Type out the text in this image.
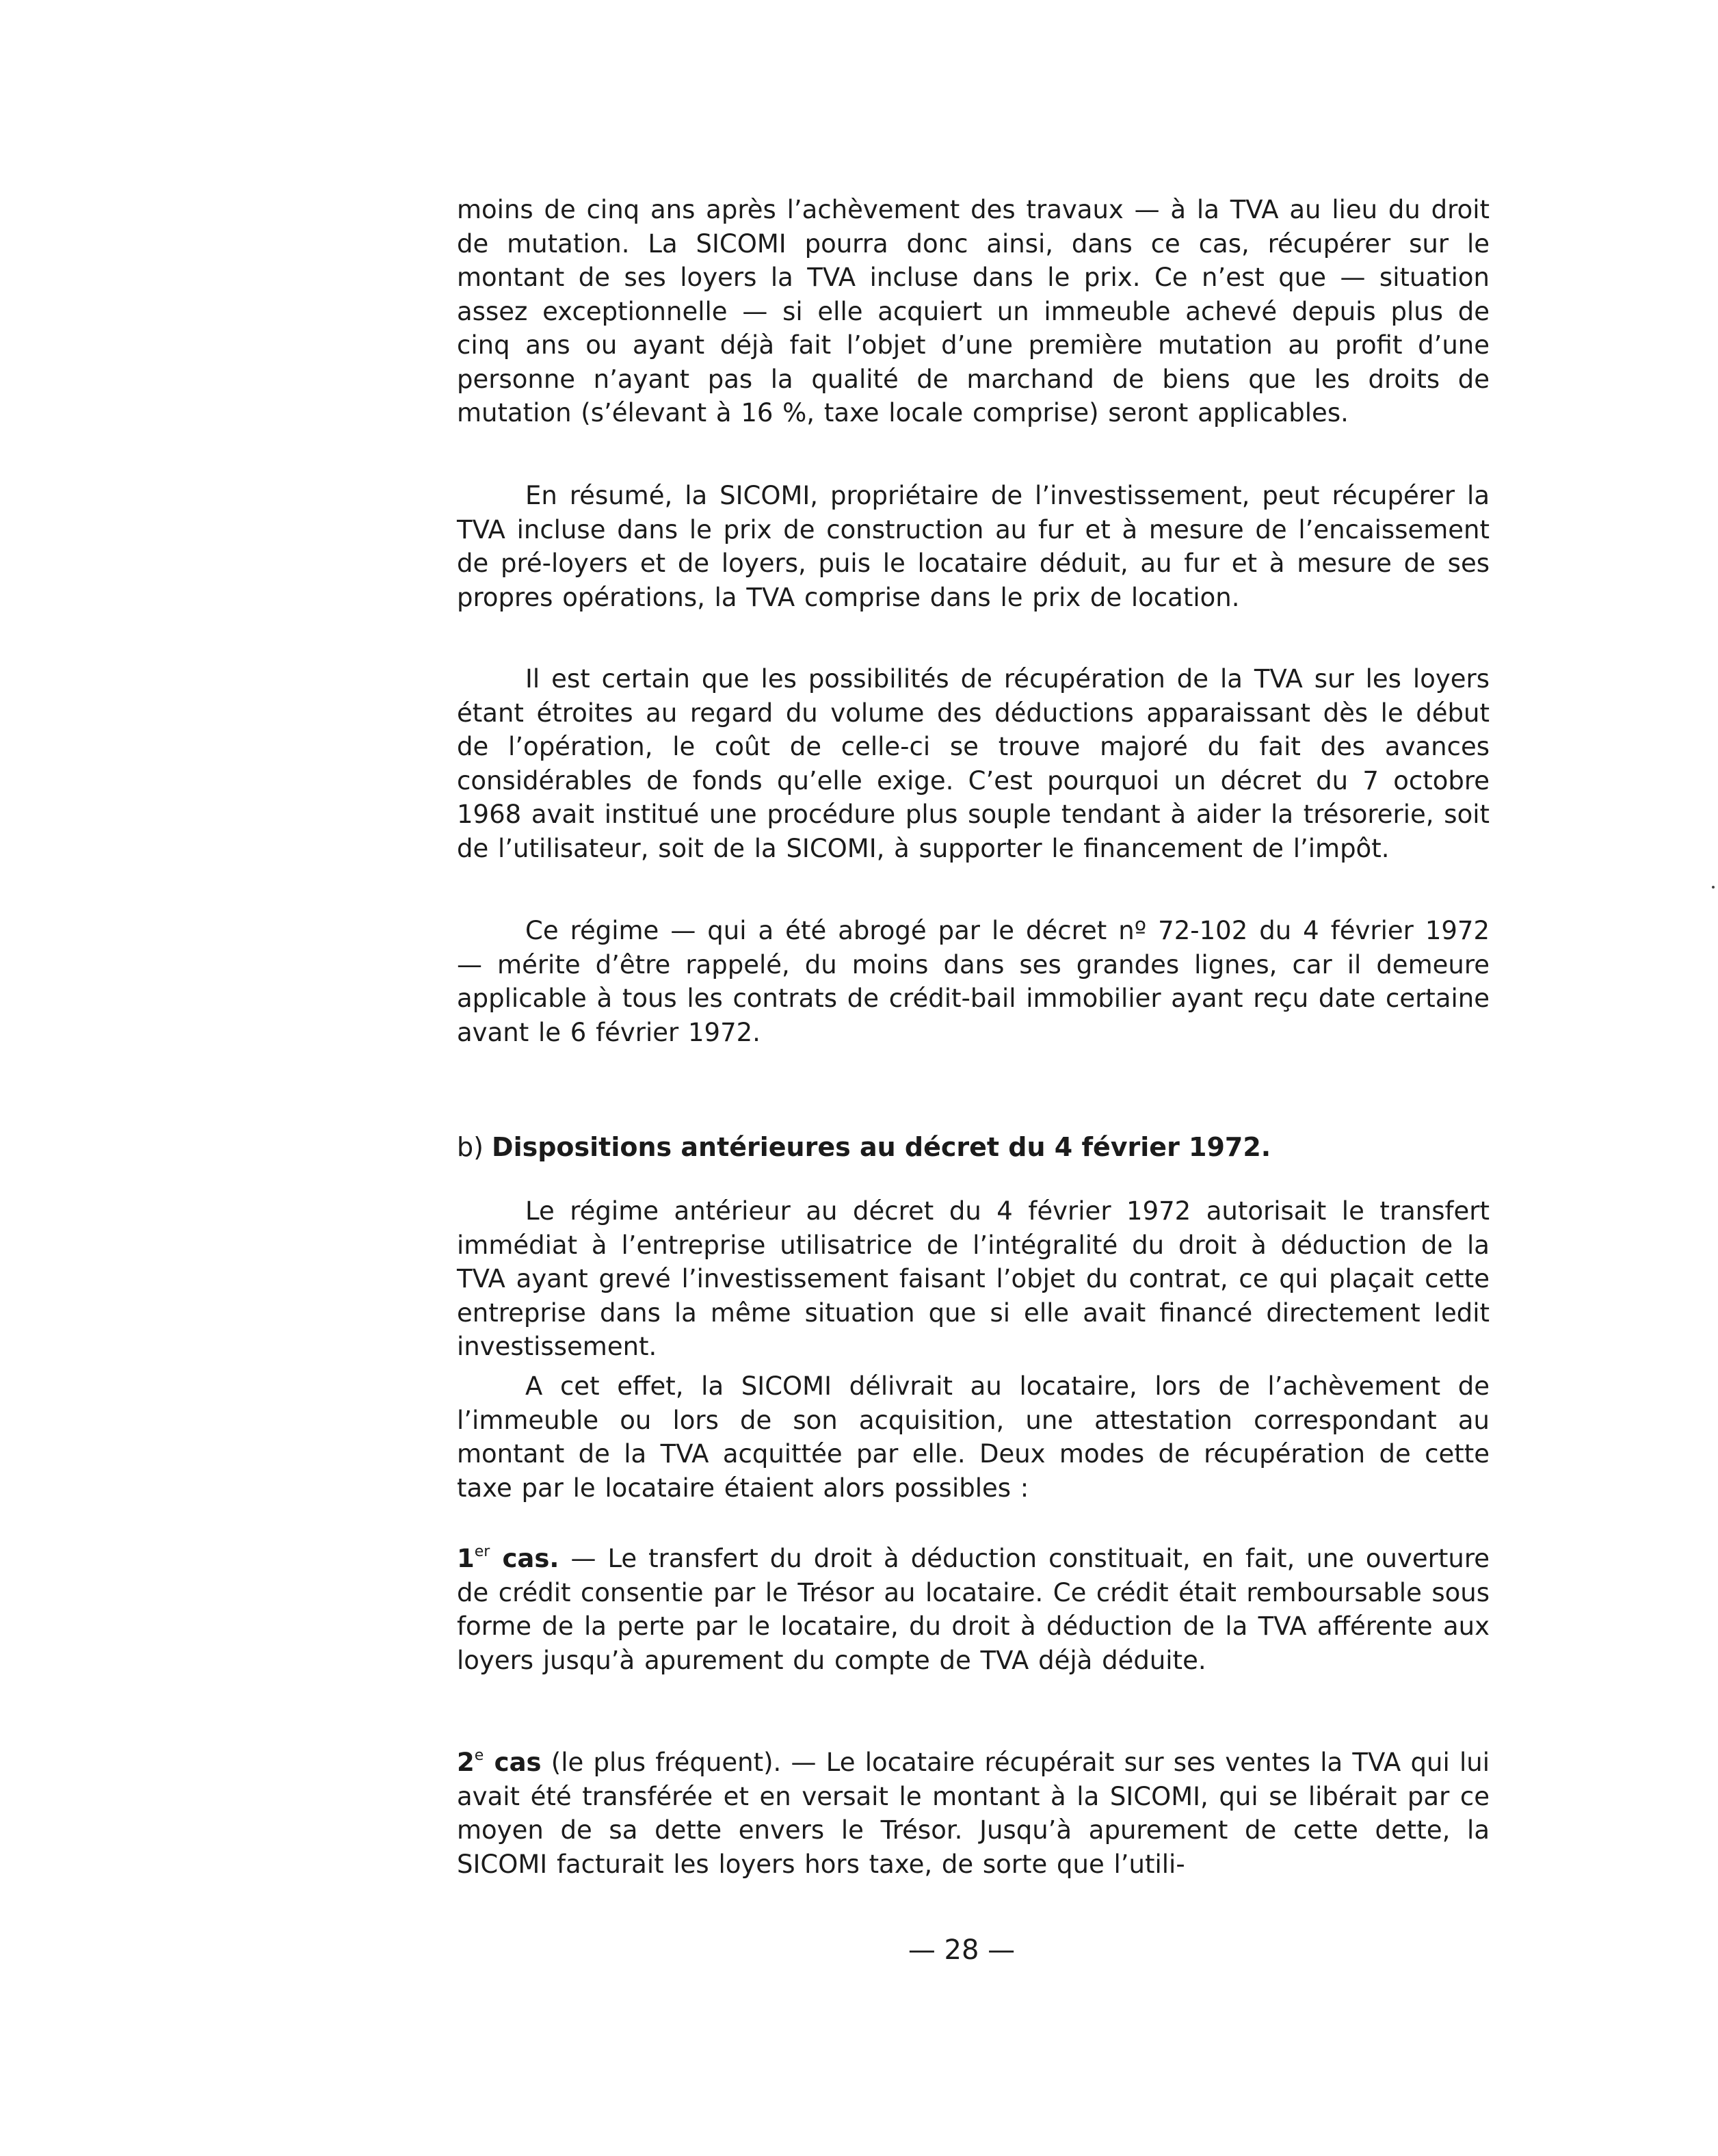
moins de cinq ans après l’achèvement des travaux — à la TVA au lieu du droit de mutation. La SICOMI pourra donc ainsi, dans ce cas, récupérer sur le montant de ses loyers la TVA incluse dans le prix. Ce n’est que — situation assez exceptionnelle — si elle acquiert un immeuble achevé depuis plus de cinq ans ou ayant déjà fait l’objet d’une première mutation au profit d’une personne n’ayant pas la qualité de marchand de biens que les droits de mutation (s’élevant à 16 %, taxe locale comprise) seront applicables.

En résumé, la SICOMI, propriétaire de l’investissement, peut récupérer la TVA incluse dans le prix de construction au fur et à mesure de l’encaissement de pré-loyers et de loyers, puis le locataire déduit, au fur et à mesure de ses propres opérations, la TVA comprise dans le prix de location.

Il est certain que les possibilités de récupération de la TVA sur les loyers étant étroites au regard du volume des déductions apparaissant dès le début de l’opération, le coût de celle-ci se trouve majoré du fait des avances considérables de fonds qu’elle exige. C’est pourquoi un décret du 7 octobre 1968 avait institué une procédure plus souple tendant à aider la trésorerie, soit de l’utilisateur, soit de la SICOMI, à supporter le financement de l’impôt.

Ce régime — qui a été abrogé par le décret nº 72-102 du 4 février 1972 — mérite d’être rappelé, du moins dans ses grandes lignes, car il demeure applicable à tous les contrats de crédit-bail immobilier ayant reçu date certaine avant le 6 février 1972.

b) Dispositions antérieures au décret du 4 février 1972.

Le régime antérieur au décret du 4 février 1972 autorisait le transfert immédiat à l’entreprise utilisatrice de l’intégralité du droit à déduction de la TVA ayant grevé l’investissement faisant l’objet du contrat, ce qui plaçait cette entreprise dans la même situation que si elle avait financé directement ledit investissement.

A cet effet, la SICOMI délivrait au locataire, lors de l’achèvement de l’immeuble ou lors de son acquisition, une attestation correspondant au montant de la TVA acquittée par elle. Deux modes de récupération de cette taxe par le locataire étaient alors possibles :

1er cas. — Le transfert du droit à déduction constituait, en fait, une ouverture de crédit consentie par le Trésor au locataire. Ce crédit était remboursable sous forme de la perte par le locataire, du droit à déduction de la TVA afférente aux loyers jusqu’à apurement du compte de TVA déjà déduite.

2e cas (le plus fréquent). — Le locataire récupérait sur ses ventes la TVA qui lui avait été transférée et en versait le montant à la SICOMI, qui se libérait par ce moyen de sa dette envers le Trésor. Jusqu’à apurement de cette dette, la SICOMI facturait les loyers hors taxe, de sorte que l’utili-

— 28 —
